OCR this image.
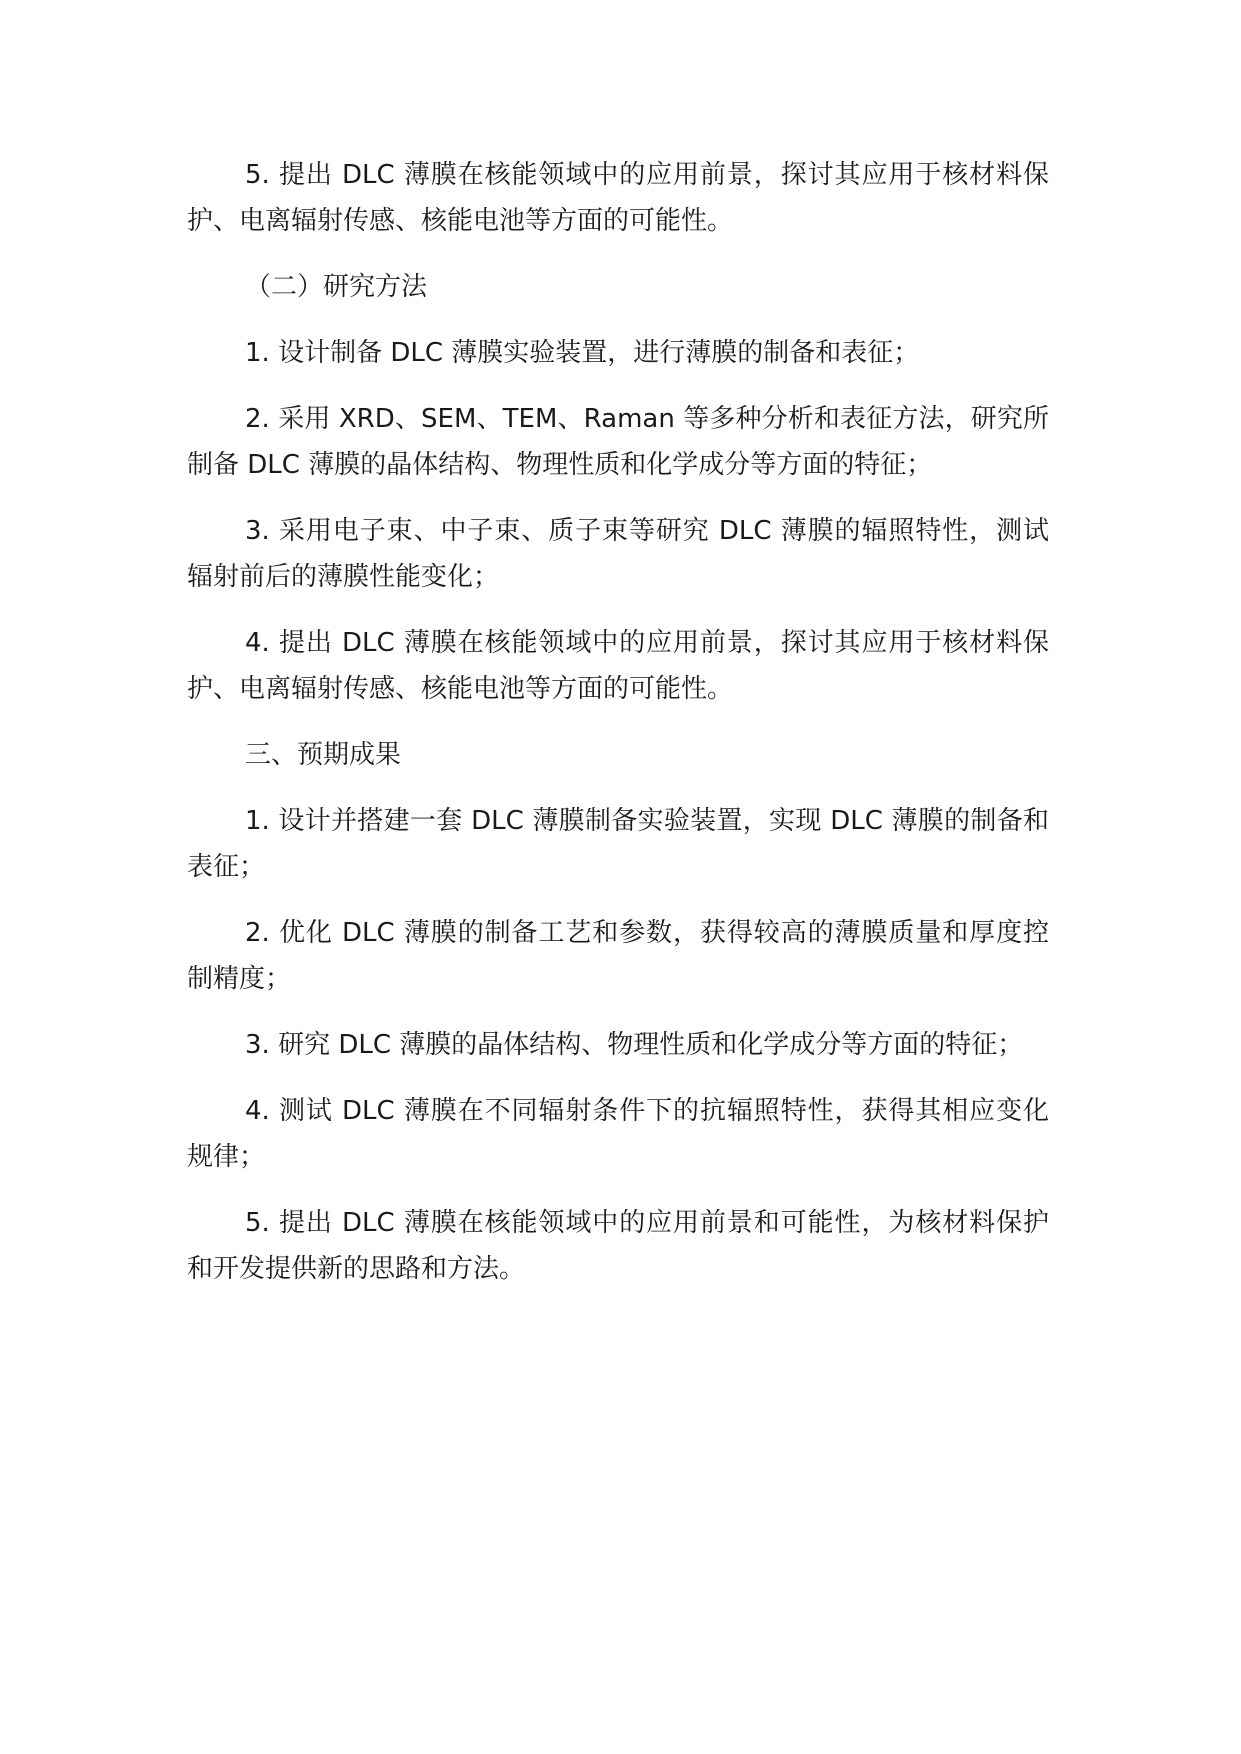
5. 提出 DLC 薄膜在核能领域中的应用前景，探讨其应用于核材料保护、电离辐射传感、核能电池等方面的可能性。

（二）研究方法

1. 设计制备 DLC 薄膜实验装置，进行薄膜的制备和表征；

2. 采用 XRD、SEM、TEM、Raman 等多种分析和表征方法，研究所制备 DLC 薄膜的晶体结构、物理性质和化学成分等方面的特征；

3. 采用电子束、中子束、质子束等研究 DLC 薄膜的辐照特性，测试辐射前后的薄膜性能变化；

4. 提出 DLC 薄膜在核能领域中的应用前景，探讨其应用于核材料保护、电离辐射传感、核能电池等方面的可能性。

三、预期成果

1. 设计并搭建一套 DLC 薄膜制备实验装置，实现 DLC 薄膜的制备和表征；

2. 优化 DLC 薄膜的制备工艺和参数，获得较高的薄膜质量和厚度控制精度；

3. 研究 DLC 薄膜的晶体结构、物理性质和化学成分等方面的特征；

4. 测试 DLC 薄膜在不同辐射条件下的抗辐照特性，获得其相应变化规律；

5. 提出 DLC 薄膜在核能领域中的应用前景和可能性，为核材料保护和开发提供新的思路和方法。
